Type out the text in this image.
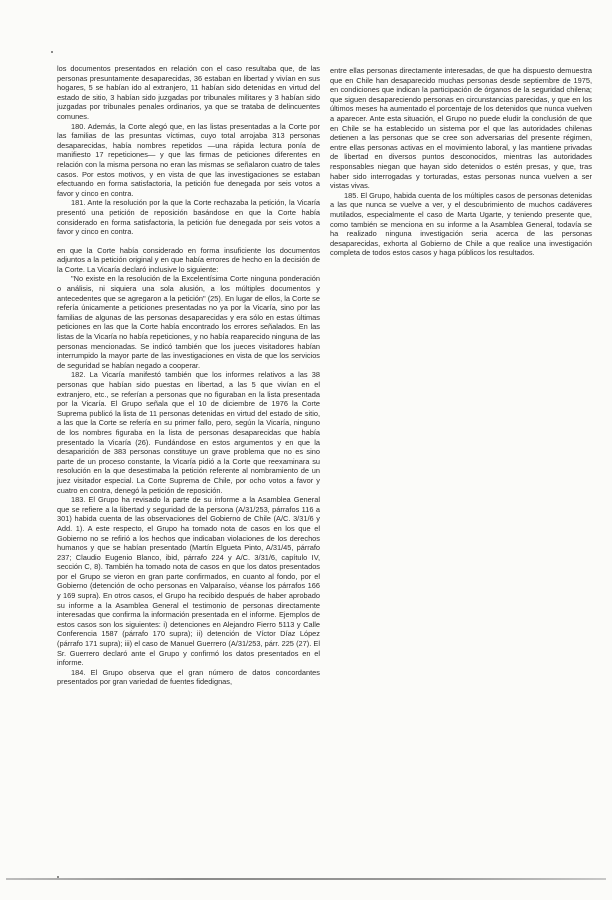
los documentos presentados en relación con el caso resultaba que, de las personas presuntamente desaparecidas, 36 estaban en libertad y vivían en sus hogares, 5 se habían ido al extranjero, 11 habían sido detenidas en virtud del estado de sitio, 3 habían sido juzgadas por tribunales militares y 3 habían sido juzgadas por tribunales penales ordinarios, ya que se trataba de delincuentes comunes.

180. Además, la Corte alegó que, en las listas presentadas a la Corte por las familias de las presuntas víctimas, cuyo total arrojaba 313 personas desaparecidas, había nombres repetidos —una rápida lectura ponía de manifiesto 17 repeticiones— y que las firmas de peticiones diferentes en relación con la misma persona no eran las mismas se señalaron cuatro de tales casos. Por estos motivos, y en vista de que las investigaciones se estaban efectuando en forma satisfactoria, la petición fue denegada por seis votos a favor y cinco en contra.

181. Ante la resolución por la que la Corte rechazaba la petición, la Vicaría presentó una petición de reposición basándose en que la Corte había considerado en forma satisfactoria, la petición fue denegada por seis votos a favor y cinco en contra.

en que la Corte había considerado en forma insuficiente los documentos adjuntos a la petición original y en que había errores de hecho en la decisión de la Corte. La Vicaría declaró inclusive lo siguiente:

"No existe en la resolución de la Excelentísima Corte ninguna ponderación o análisis, ni siquiera una sola alusión, a los múltiples documentos y antecedentes que se agregaron a la petición" (25). En lugar de ellos, la Corte se refería únicamente a peticiones presentadas no ya por la Vicaría, sino por las familias de algunas de las personas desaparecidas y era sólo en estas últimas peticiones en las que la Corte había encontrado los errores señalados. En las listas de la Vicaría no había repeticiones, y no había reaparecido ninguna de las personas mencionadas. Se indicó también que los jueces visitadores habían interrumpido la mayor parte de las investigaciones en vista de que los servicios de seguridad se habían negado a cooperar.

182. La Vicaría manifestó también que los informes relativos a las 38 personas que habían sido puestas en libertad, a las 5 que vivían en el extranjero, etc., se referían a personas que no figuraban en la lista presentada por la Vicaría. El Grupo señala que el 10 de diciembre de 1976 la Corte Suprema publicó la lista de 11 personas detenidas en virtud del estado de sitio, a las que la Corte se refería en su primer fallo, pero, según la Vicaría, ninguno de los nombres figuraba en la lista de personas desaparecidas que había presentado la Vicaría (26). Fundándose en estos argumentos y en que la desaparición de 383 personas constituye un grave problema que no es sino parte de un proceso constante, la Vicaría pidió a la Corte que reexaminara su resolución en la que desestimaba la petición referente al nombramiento de un juez visitador especial. La Corte Suprema de Chile, por ocho votos a favor y cuatro en contra, denegó la petición de reposición.

183. El Grupo ha revisado la parte de su informe a la Asamblea General que se refiere a la libertad y seguridad de la persona (A/31/253, párrafos 116 a 301) habida cuenta de las observaciones del Gobierno de Chile (A/C. 3/31/6 y Add. 1). A este respecto, el Grupo ha tomado nota de casos en los que el Gobierno no se refirió a los hechos que indicaban violaciones de los derechos humanos y que se habían presentado (Martín Elgueta Pinto, A/31/45, párrafo 237; Claudio Eugenio Blanco, ibid, párrafo 224 y A/C. 3/31/6, capítulo IV, sección C, 8). También ha tomado nota de casos en que los datos presentados por el Grupo se vieron en gran parte confirmados, en cuanto al fondo, por el Gobierno (detención de ocho personas en Valparaíso, véanse los párrafos 166 y 169 supra). En otros casos, el Grupo ha recibido después de haber aprobado su informe a la Asamblea General el testimonio de personas directamente interesadas que confirma la información presentada en el informe. Ejemplos de estos casos son los siguientes: i) detenciones en Alejandro Fierro 5113 y Calle Conferencia 1587 (párrafo 170 supra); ii) detención de Víctor Díaz López (párrafo 171 supra); iii) el caso de Manuel Guerrero (A/31/253, párr. 225 (27). El Sr. Guerrero declaró ante el Grupo y confirmó los datos presentados en el informe.

184. El Grupo observa que el gran número de datos concordantes presentados por gran variedad de fuentes fidedignas,

entre ellas personas directamente interesadas, de que ha dispuesto demuestra que en Chile han desaparecido muchas personas desde septiembre de 1975, en condiciones que indican la participación de órganos de la seguridad chilena; que siguen desapareciendo personas en circunstancias parecidas, y que en los últimos meses ha aumentado el porcentaje de los detenidos que nunca vuelven a aparecer. Ante esta situación, el Grupo no puede eludir la conclusión de que en Chile se ha establecido un sistema por el que las autoridades chilenas detienen a las personas que se cree son adversarias del presente régimen, entre ellas personas activas en el movimiento laboral, y las mantiene privadas de libertad en diversos puntos desconocidos, mientras las autoridades responsables niegan que hayan sido detenidos o estén presas, y que, tras haber sido interrogadas y torturadas, estas personas nunca vuelven a ser vistas vivas.

185. El Grupo, habida cuenta de los múltiples casos de personas detenidas a las que nunca se vuelve a ver, y el descubrimiento de muchos cadáveres mutilados, especialmente el caso de Marta Ugarte, y teniendo presente que, como también se menciona en su informe a la Asamblea General, todavía se ha realizado ninguna investigación seria acerca de las personas desaparecidas, exhorta al Gobierno de Chile a que realice una investigación completa de todos estos casos y haga públicos los resultados.
